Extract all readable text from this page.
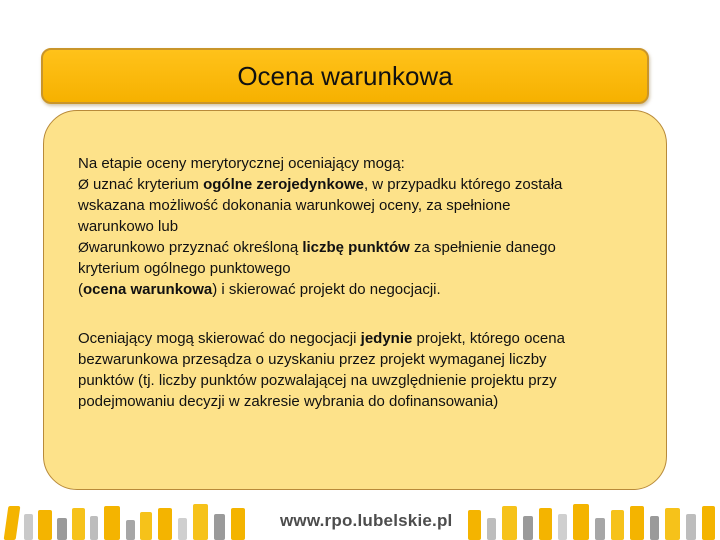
Ocena warunkowa
Na etapie oceny merytorycznej oceniający mogą:
Ø uznać kryterium ogólne zerojedynkowe, w przypadku którego została
wskazana możliwość dokonania warunkowej oceny, za spełnione
warunkowo lub
Øwarunkowo przyznać określoną liczbę punktów za spełnienie danego
kryterium ogólnego punktowego
(ocena warunkowa) i skierować projekt do negocjacji.
Oceniający mogą skierować do negocjacji jedynie projekt, którego ocena
bezwarunkowa przesądza o uzyskaniu przez projekt wymaganej liczby
punktów (tj. liczby punktów pozwalającej na uwzględnienie projektu przy
podejmowaniu decyzji w zakresie wybrania do dofinansowania)
www.rpo.lubelskie.pl
